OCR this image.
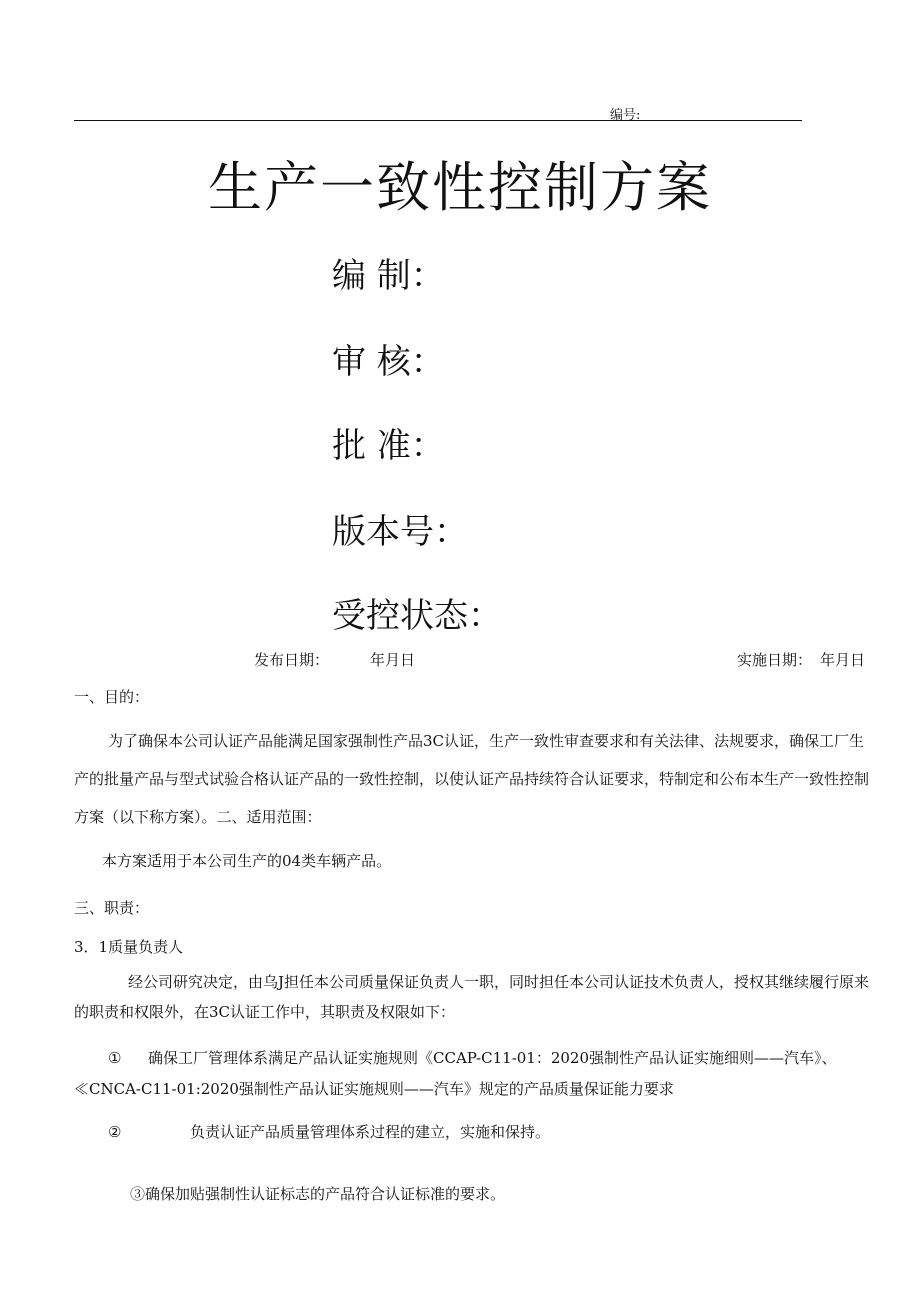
编号:
生产一致性控制方案
编 制：
审 核：
批 准：
版本号：
受控状态：
发布日期：	年月日	实施日期： 年月日
一、目的：
为了确保本公司认证产品能满足国家强制性产品3C认证，生产一致性审查要求和有关法律、法规要求，确保工厂生产的批量产品与型式试验合格认证产品的一致性控制，以使认证产品持续符合认证要求，特制定和公布本生产一致性控制方案（以下称方案）。二、适用范围：
本方案适用于本公司生产的04类车辆产品。
三、职责：
3．1质量负责人
经公司研究决定，由乌J担任本公司质量保证负责人一职，同时担任本公司认证技术负责人，授权其继续履行原来的职责和权限外，在3C认证工作中，其职责及权限如下：
①	确保工厂管理体系满足产品认证实施规则《CCAP-C11-01：2020强制性产品认证实施细则——汽车》、≪CNCA-C11-01:2020强制性产品认证实施规则——汽车》规定的产品质量保证能力要求
②	负责认证产品质量管理体系过程的建立，实施和保持。
③确保加贴强制性认证标志的产品符合认证标准的要求。
